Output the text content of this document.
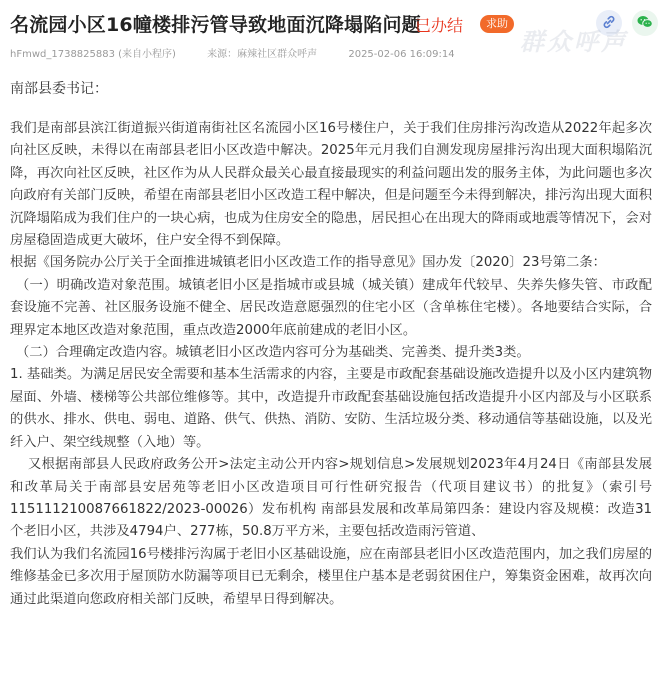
名流园小区16幢楼排污管导致地面沉降塌陷问题
已办结	求助
群众呼声
hFmwd_1738825883 (来自小程序)	来源：麻辣社区群众呼声	2025-02-06 16:09:14
南部县委书记：

我们是南部县滨江街道振兴街道南街社区名流园小区16号楼住户，关于我们住房排污沟改造从2022年起多次向社区反映，未得以在南部县老旧小区改造中解决。2025年元月我们自测发现房屋排污沟出现大面积塌陷沉降，再次向社区反映，社区作为从人民群众最关心最直接最现实的利益问题出发的服务主体，为此问题也多次向政府有关部门反映，希望在南部县老旧小区改造工程中解决，但是问题至今未得到解决，排污沟出现大面积沉降塌陷成为我们住户的一块心病，也成为住房安全的隐患，居民担心在出现大的降雨或地震等情况下，会对房屋稳固造成更大破坏，住户安全得不到保障。

根据《国务院办公厅关于全面推进城镇老旧小区改造工作的指导意见》国办发〔2020〕23号第二条：

（一）明确改造对象范围。城镇老旧小区是指城市或县城（城关镇）建成年代较早、失养失修失管、市政配套设施不完善、社区服务设施不健全、居民改造意愿强烈的住宅小区（含单栋住宅楼）。各地要结合实际，合理界定本地区改造对象范围，重点改造2000年底前建成的老旧小区。

（二）合理确定改造内容。城镇老旧小区改造内容可分为基础类、完善类、提升类3类。

1. 基础类。为满足居民安全需要和基本生活需求的内容，主要是市政配套基础设施改造提升以及小区内建筑物屋面、外墙、楼梯等公共部位维修等。其中，改造提升市政配套基础设施包括改造提升小区内部及与小区联系的供水、排水、供电、弱电、道路、供气、供热、消防、安防、生活垃圾分类、移动通信等基础设施，以及光纤入户、架空线规整（入地）等。

又根据南部县人民政府政务公开>法定主动公开内容>规划信息>发展规划2023年4月24日《南部县发展和改革局关于南部县安居苑等老旧小区改造项目可行性研究报告（代项目建议书）的批复》（索引号115111210087661822/2023-00026）发布机构 南部县发展和改革局第四条：建设内容及规模：改造31个老旧小区，共涉及4794户、277栋，50.8万平方米，主要包括改造雨污管道、

我们认为我们名流园16号楼排污沟属于老旧小区基础设施，应在南部县老旧小区改造范围内，加之我们房屋的维修基金已多次用于屋顶防水防漏等项目已无剩余，楼里住户基本是老弱贫困住户，筹集资金困难，故再次向通过此渠道向您政府相关部门反映，希望早日得到解决。
